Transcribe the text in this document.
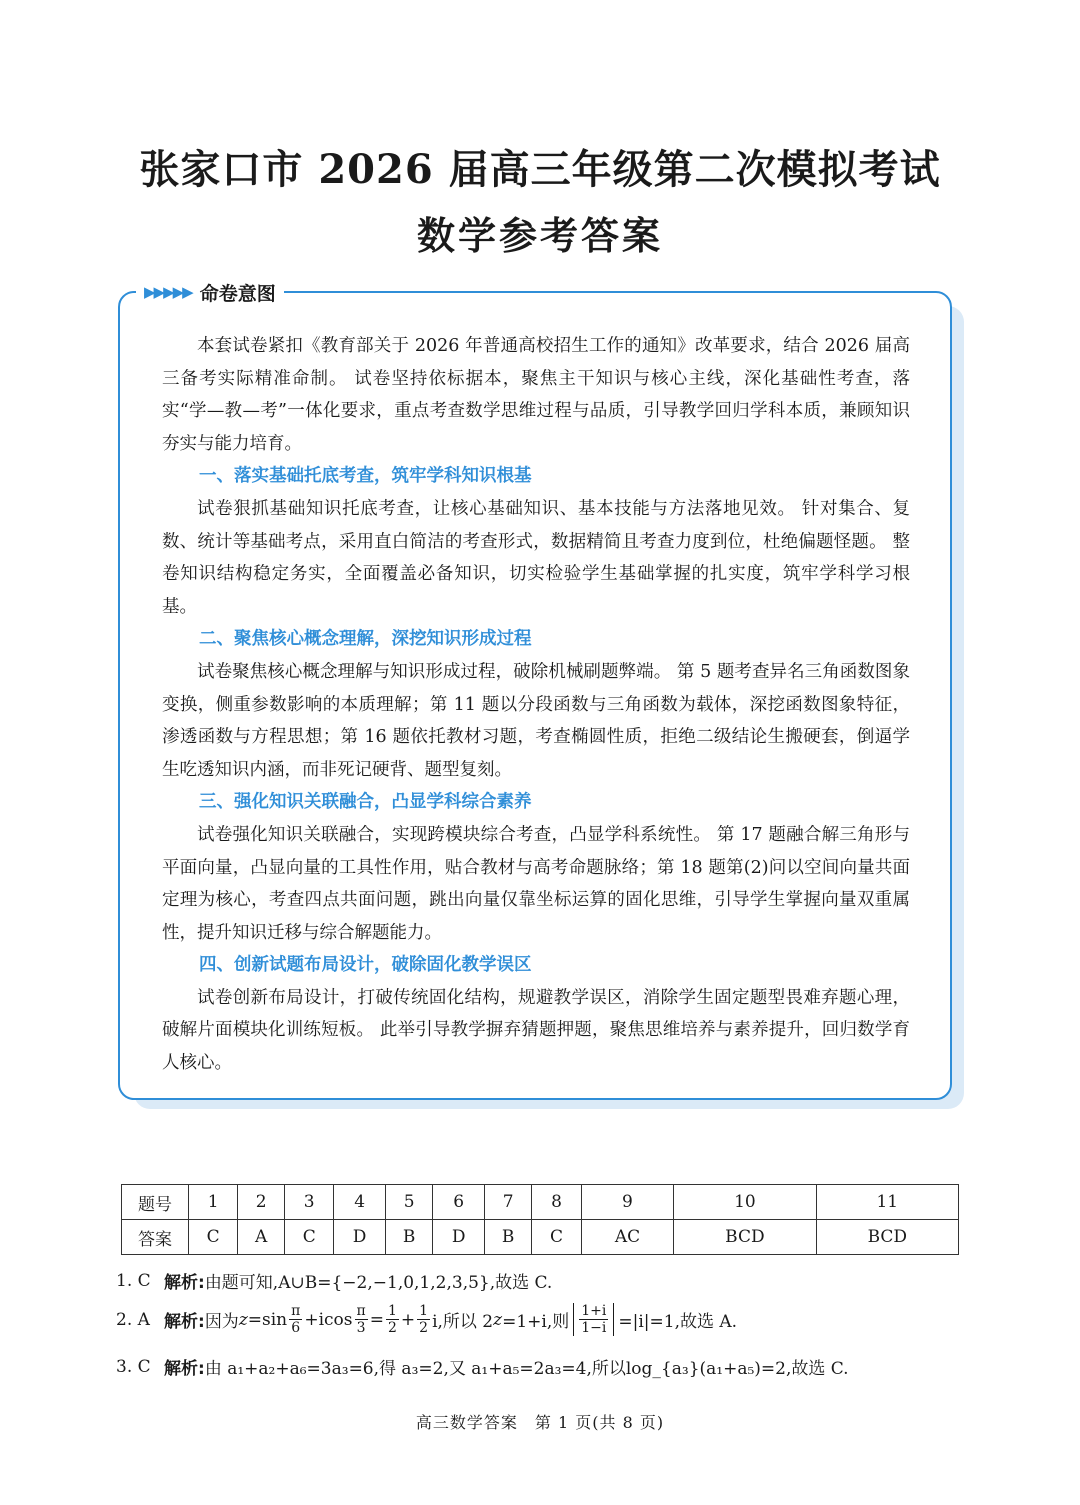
张家口市 2026 届高三年级第二次模拟考试
数学参考答案
▶▶▶▶▶ 命卷意图

本套试卷紧扣《教育部关于 2026 年普通高校招生工作的通知》改革要求，结合 2026 届高三备考实际精准命制。 试卷坚持依标据本，聚焦主干知识与核心主线，深化基础性考查，落实“学—教—考”一体化要求，重点考查数学思维过程与品质，引导教学回归学科本质，兼顾知识夯实与能力培育。

一、落实基础托底考查，筑牢学科知识根基

试卷狠抓基础知识托底考查，让核心基础知识、基本技能与方法落地见效。 针对集合、复数、统计等基础考点，采用直白简洁的考查形式，数据精简且考查力度到位，杜绝偏题怪题。 整卷知识结构稳定务实，全面覆盖必备知识，切实检验学生基础掌握的扎实度，筑牢学科学习根基。

二、聚焦核心概念理解，深挖知识形成过程

试卷聚焦核心概念理解与知识形成过程，破除机械刷题弊端。 第 5 题考查异名三角函数图象变换，侧重参数影响的本质理解；第 11 题以分段函数与三角函数为载体，深挖函数图象特征，渗透函数与方程思想；第 16 题依托教材习题，考查椭圆性质，拒绝二级结论生搬硬套，倒逼学生吃透知识内涵，而非死记硬背、题型复刻。

三、强化知识关联融合，凸显学科综合素养

试卷强化知识关联融合，实现跨模块综合考查，凸显学科系统性。 第 17 题融合解三角形与平面向量，凸显向量的工具性作用，贴合教材与高考命题脉络；第 18 题第(2)问以空间向量共面定理为核心，考查四点共面问题，跳出向量仅靠坐标运算的固化思维，引导学生掌握向量双重属性，提升知识迁移与综合解题能力。

四、创新试题布局设计，破除固化教学误区

试卷创新布局设计，打破传统固化结构，规避教学误区，消除学生固定题型畏难弃题心理，破解片面模块化训练短板。 此举引导教学摒弃猜题押题，聚焦思维培养与素养提升，回归数学育人核心。

题号	1	2	3	4	5	6	7	8	9	10	11
答案	C	A	C	D	B	D	B	C	AC	BCD	BCD
1. C 解析: 由题可知,A∪B={−2,−1,0,1,2,3,5},故选 C.
2. A 解析: 因为 $z =\sin \frac{\pi}{6} +icos \frac{\pi}{3} = \frac{1}{2} + \frac{1}{2} i$,所以 2 z =1+i,则 $\frac{1+i}{1-i} =|i|=1$,故选 A.
3. C 解析: 由 a₁+a₂+a₆=3a₃=6,得 a₃=2,又 a₁+a₅=2a₃=4,所以log_{a₃}(a₁+a₅)=2,故选 C.
高三数学答案　第 1 页(共 8 页)
